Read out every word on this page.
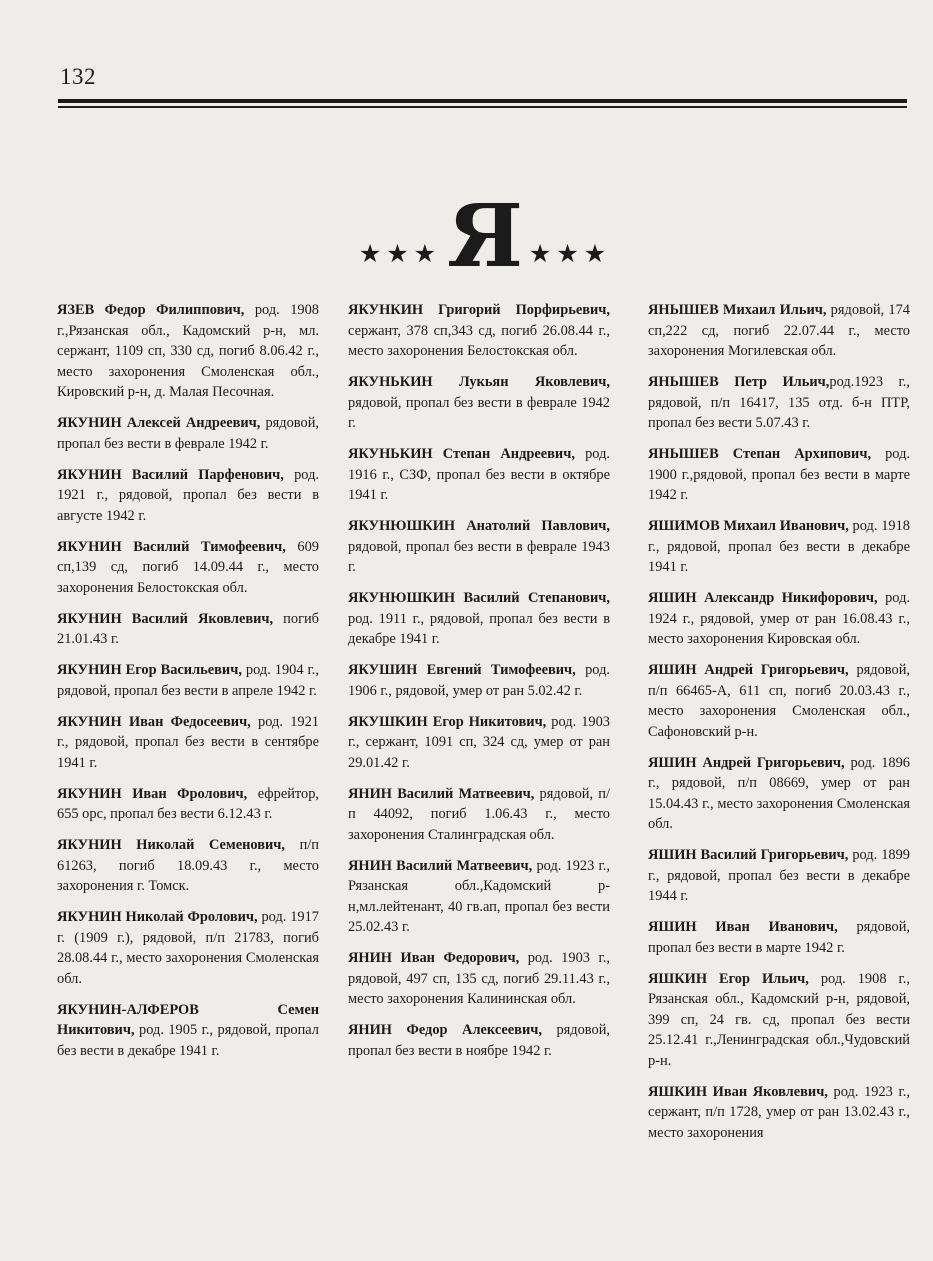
132
★★★ Я ★★★

ЯЗЕВ Федор Филиппович, род. 1908 г.,Рязанская обл., Кадомский р-н, мл. сержант, 1109 сп, 330 сд, погиб 8.06.42 г., место захоронения Смоленская обл., Кировский р-н, д. Малая Песочная.

ЯКУНИН Алексей Андреевич, рядовой, пропал без вести в феврале 1942 г.

ЯКУНИН Василий Парфенович, род. 1921 г., рядовой, пропал без вести в августе 1942 г.

ЯКУНИН Василий Тимофеевич, 609 сп,139 сд, погиб 14.09.44 г., место захоронения Белостокская обл.

ЯКУНИН Василий Яковлевич, погиб 21.01.43 г.

ЯКУНИН Егор Васильевич, род. 1904 г., рядовой, пропал без вести в апреле 1942 г.

ЯКУНИН Иван Федосеевич, род. 1921 г., рядовой, пропал без вести в сентябре 1941 г.

ЯКУНИН Иван Фролович, ефрейтор, 655 орс, пропал без вести 6.12.43 г.

ЯКУНИН Николай Семенович, п/п 61263, погиб 18.09.43 г., место захоронения г. Томск.

ЯКУНИН Николай Фролович, род. 1917 г. (1909 г.), рядовой, п/п 21783, погиб 28.08.44 г., место захоронения Смоленская обл.

ЯКУНИН-АЛФЕРОВ Семен Никитович, род. 1905 г., рядовой, пропал без вести в декабре 1941 г.

ЯКУНКИН Григорий Порфирьевич, сержант, 378 сп,343 сд, погиб 26.08.44 г., место захоронения Белостокская обл.

ЯКУНЬКИН Лукьян Яковлевич, рядовой, пропал без вести в феврале 1942 г.

ЯКУНЬКИН Степан Андреевич, род. 1916 г., СЗФ, пропал без вести в октябре 1941 г.

ЯКУНЮШКИН Анатолий Павлович, рядовой, пропал без вести в феврале 1943 г.

ЯКУНЮШКИН Василий Степанович, род. 1911 г., рядовой, пропал без вести в декабре 1941 г.

ЯКУШИН Евгений Тимофеевич, род. 1906 г., рядовой, умер от ран 5.02.42 г.

ЯКУШКИН Егор Никитович, род. 1903 г., сержант, 1091 сп, 324 сд, умер от ран 29.01.42 г.

ЯНИН Василий Матвеевич, рядовой, п/п 44092, погиб 1.06.43 г., место захоронения Сталинградская обл.

ЯНИН Василий Матвеевич, род. 1923 г., Рязанская обл.,Кадомский р-н,мл.лейтенант, 40 гв.ап, пропал без вести 25.02.43 г.

ЯНИН Иван Федорович, род. 1903 г., рядовой, 497 сп, 135 сд, погиб 29.11.43 г., место захоронения Калининская обл.

ЯНИН Федор Алексеевич, рядовой, пропал без вести в ноябре 1942 г.

ЯНЫШЕВ Михаил Ильич, рядовой, 174 сп,222 сд, погиб 22.07.44 г., место захоронения Могилевская обл.

ЯНЫШЕВ Петр Ильич,род.1923 г., рядовой, п/п 16417, 135 отд. б-н ПТР, пропал без вести 5.07.43 г.

ЯНЫШЕВ Степан Архипович, род. 1900 г.,рядовой, пропал без вести в марте 1942 г.

ЯШИМОВ Михаил Иванович, род. 1918 г., рядовой, пропал без вести в декабре 1941 г.

ЯШИН Александр Никифорович, род. 1924 г., рядовой, умер от ран 16.08.43 г., место захоронения Кировская обл.

ЯШИН Андрей Григорьевич, рядовой, п/п 66465-А, 611 сп, погиб 20.03.43 г., место захоронения Смоленская обл., Сафоновский р-н.

ЯШИН Андрей Григорьевич, род. 1896 г., рядовой, п/п 08669, умер от ран 15.04.43 г., место захоронения Смоленская обл.

ЯШИН Василий Григорьевич, род. 1899 г., рядовой, пропал без вести в декабре 1944 г.

ЯШИН Иван Иванович, рядовой, пропал без вести в марте 1942 г.

ЯШКИН Егор Ильич, род. 1908 г., Рязанская обл., Кадомский р-н, рядовой, 399 сп, 24 гв. сд, пропал без вести 25.12.41 г.,Ленинградская обл.,Чудовский р-н.

ЯШКИН Иван Яковлевич, род. 1923 г., сержант, п/п 1728, умер от ран 13.02.43 г., место захоронения
